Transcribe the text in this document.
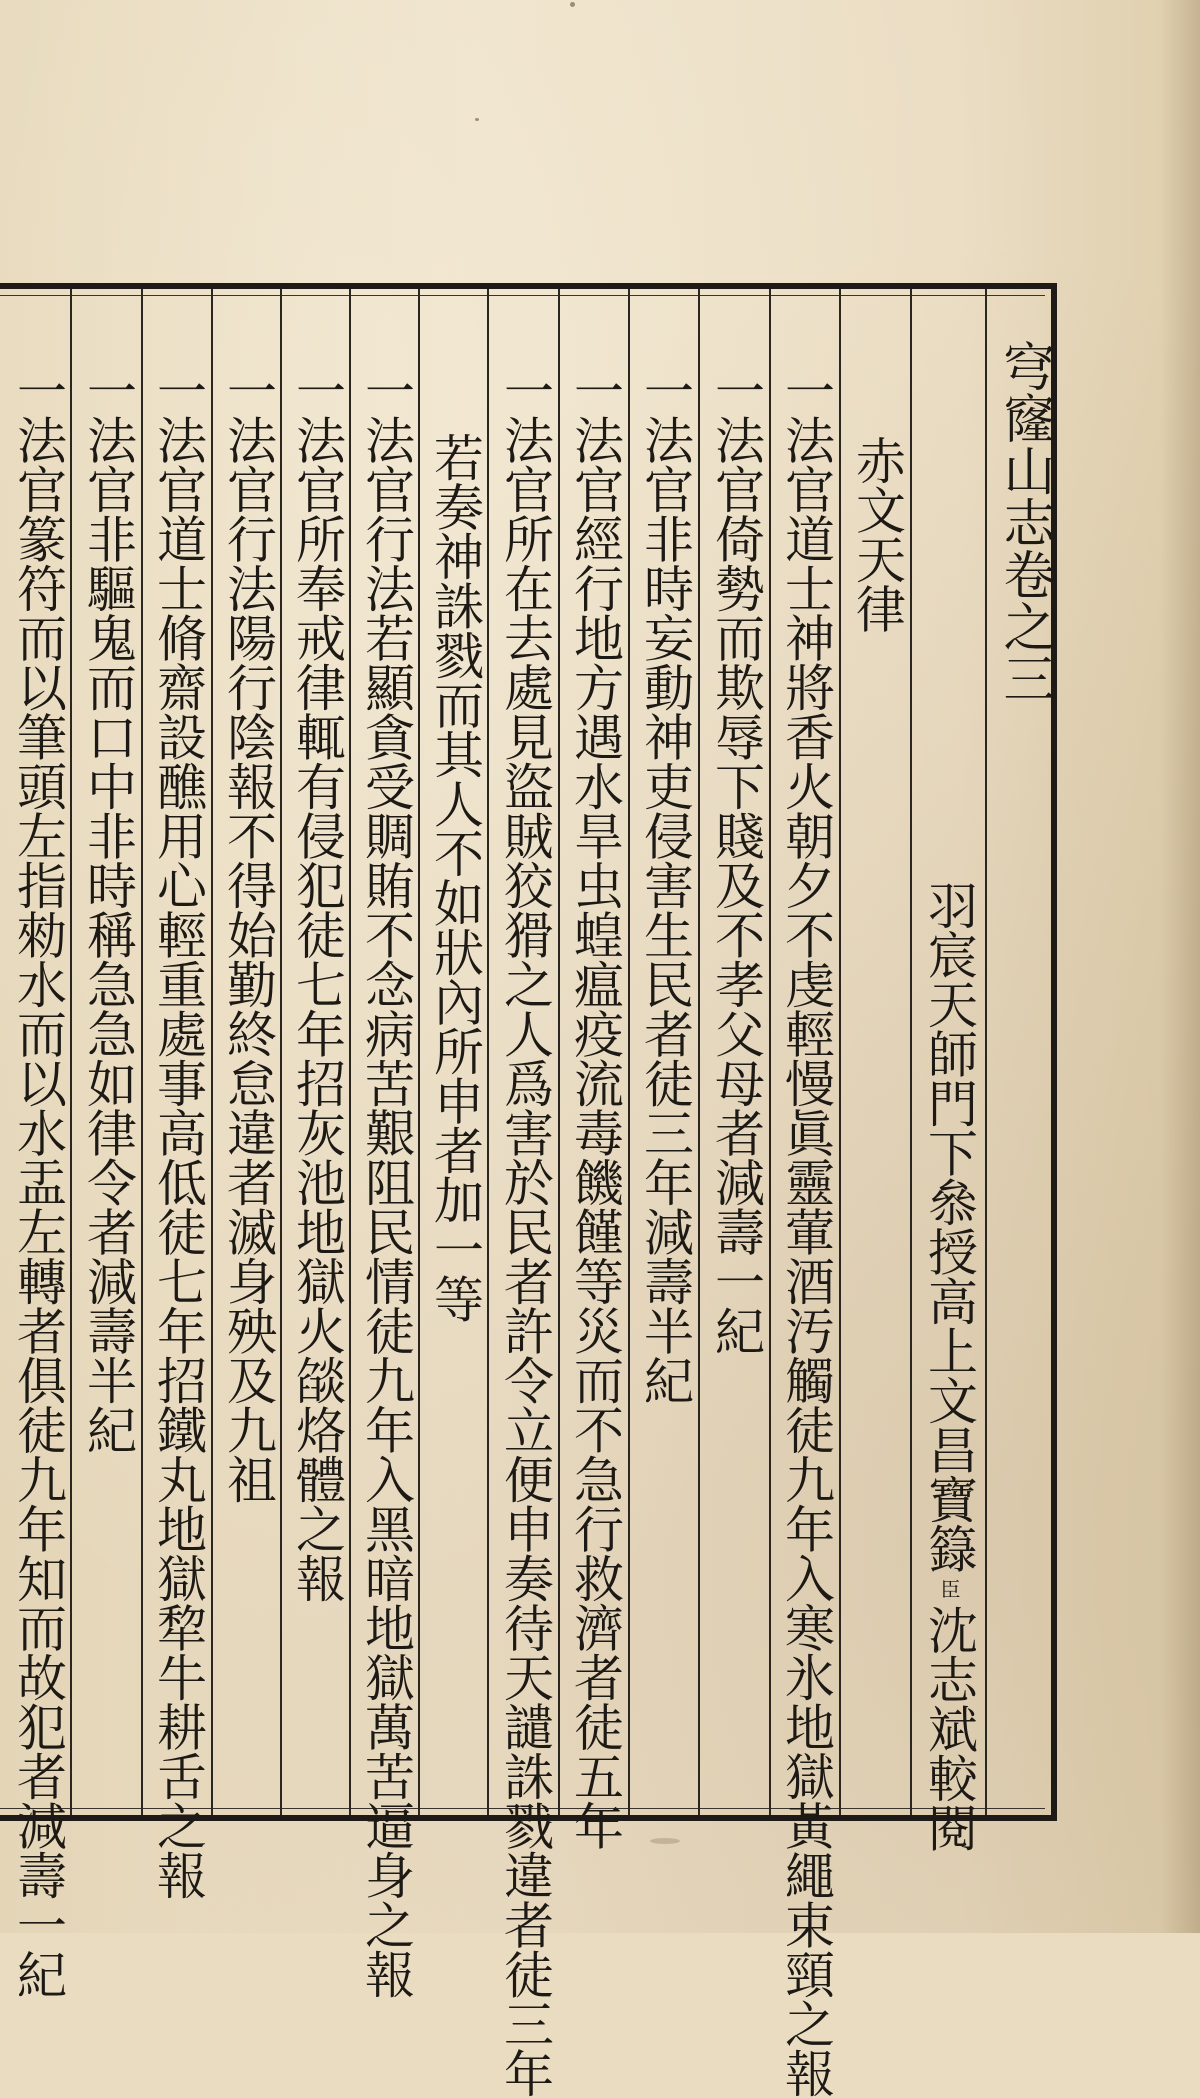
穹窿山志卷之三
羽宸天師門下叅授高上文昌寶籙臣沈志斌較閱
赤文天律
一法官道士神將香火朝夕不虔輕慢眞靈葷酒汚觸徒九年入寒氷地獄黃繩束頸之報
一法官倚勢而欺辱下賤及不孝父母者減壽一紀
一法官非時妄動神吏侵害生民者徒三年減壽半紀
一法官經行地方遇水旱虫蝗瘟疫流毒饑饉等災而不急行救濟者徒五年
一法官所在去處見盜賊狡猾之人爲害於民者許令立便申奏待天譴誅戮違者徒三年
若奏神誅戮而其人不如狀內所申者加一等
一法官行法若顯貪受賙賄不念病苦艱阻民情徒九年入黑暗地獄萬苦逼身之報
一法官所奉戒律輒有侵犯徒七年招灰池地獄火燄烙體之報
一法官行法陽行陰報不得始勤終怠違者滅身殃及九祖
一法官道士脩齋設醮用心輕重處事高低徒七年招鐵丸地獄犂牛耕舌之報
一法官非驅鬼而口中非時稱急急如律令者減壽半紀
一法官篆符而以筆頭左指勑水而以水盂左轉者俱徒九年知而故犯者減壽一紀
